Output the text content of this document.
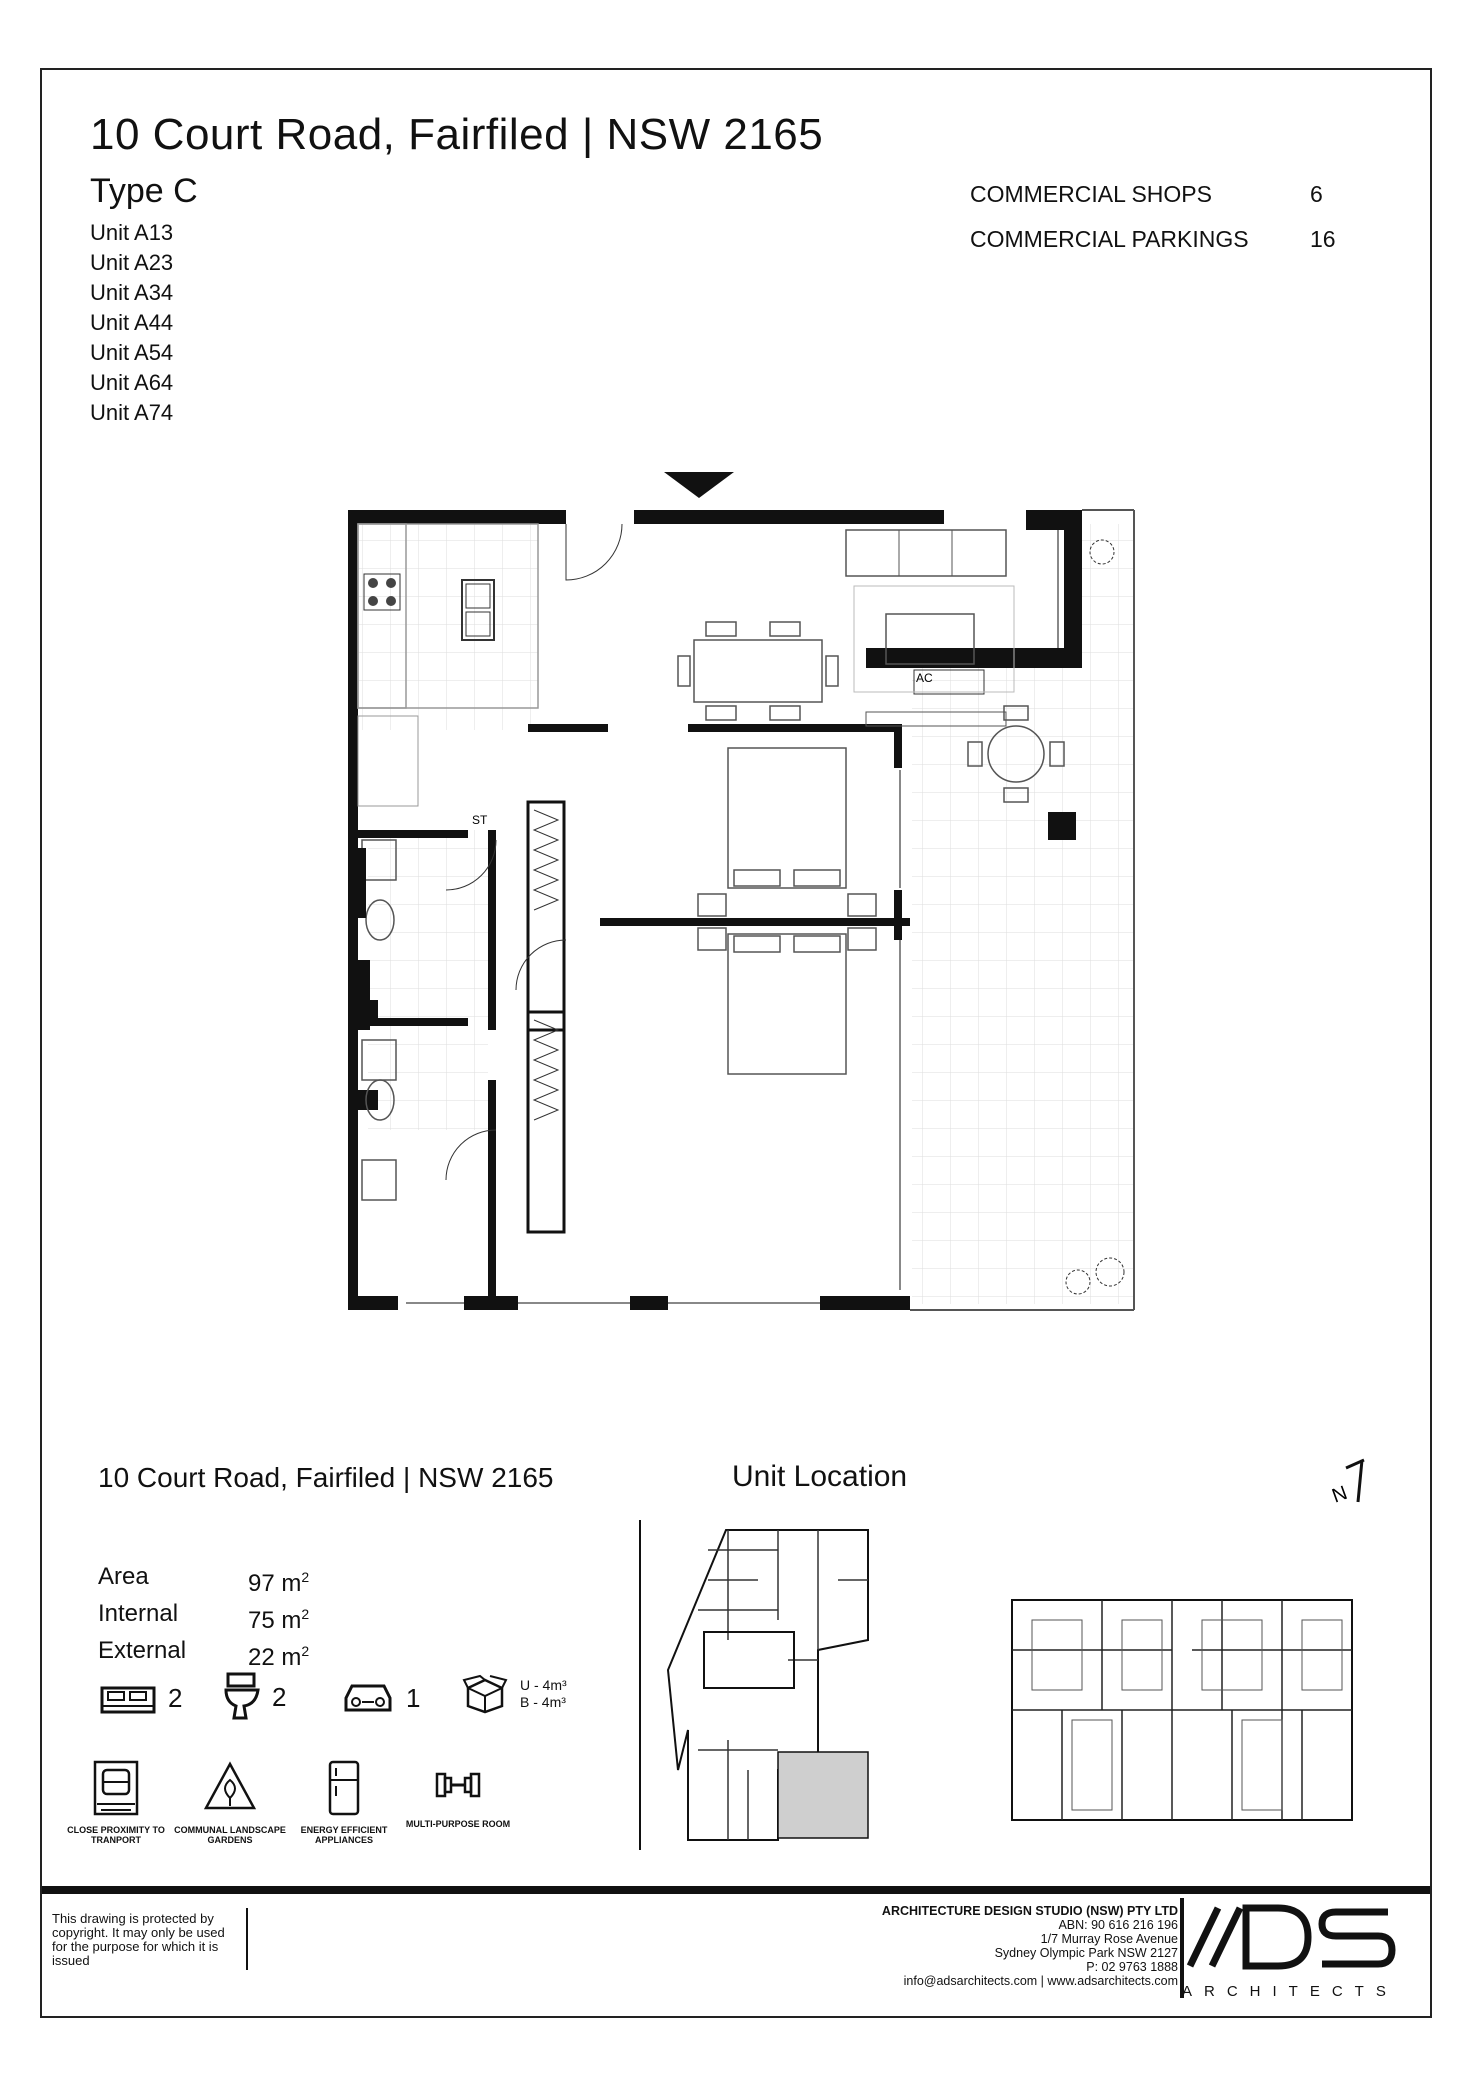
10 Court Road, Fairfiled | NSW 2165
Type C
Unit A13
Unit A23
Unit A34
Unit A44
Unit A54
Unit A64
Unit A74
COMMERCIAL SHOPS	6
COMMERCIAL PARKINGS	16
.
ST
AC
10 Court Road, Fairfiled | NSW 2165	Unit Location
N
Area	97 $m^2$
Internal	75 $m^2$
External	22 $m^2$
2	2	1	U - 4m³
B - 4m³
CLOSE PROXIMITY TO TRANPORT
COMMUNAL LANDSCAPE GARDENS
ENERGY EFFICIENT APPLIANCES
MULTI-PURPOSE ROOM
This drawing is protected by copyright. It may only be used for the purpose for which it is issued
ARCHITECTURE DESIGN STUDIO (NSW) PTY LTD
ABN: 90 616 216 196
1/7 Murray Rose Avenue
Sydney Olympic Park NSW 2127
P: 02 9763 1888
info@adsarchitects.com | www.adsarchitects.com
ARCHITECTS
